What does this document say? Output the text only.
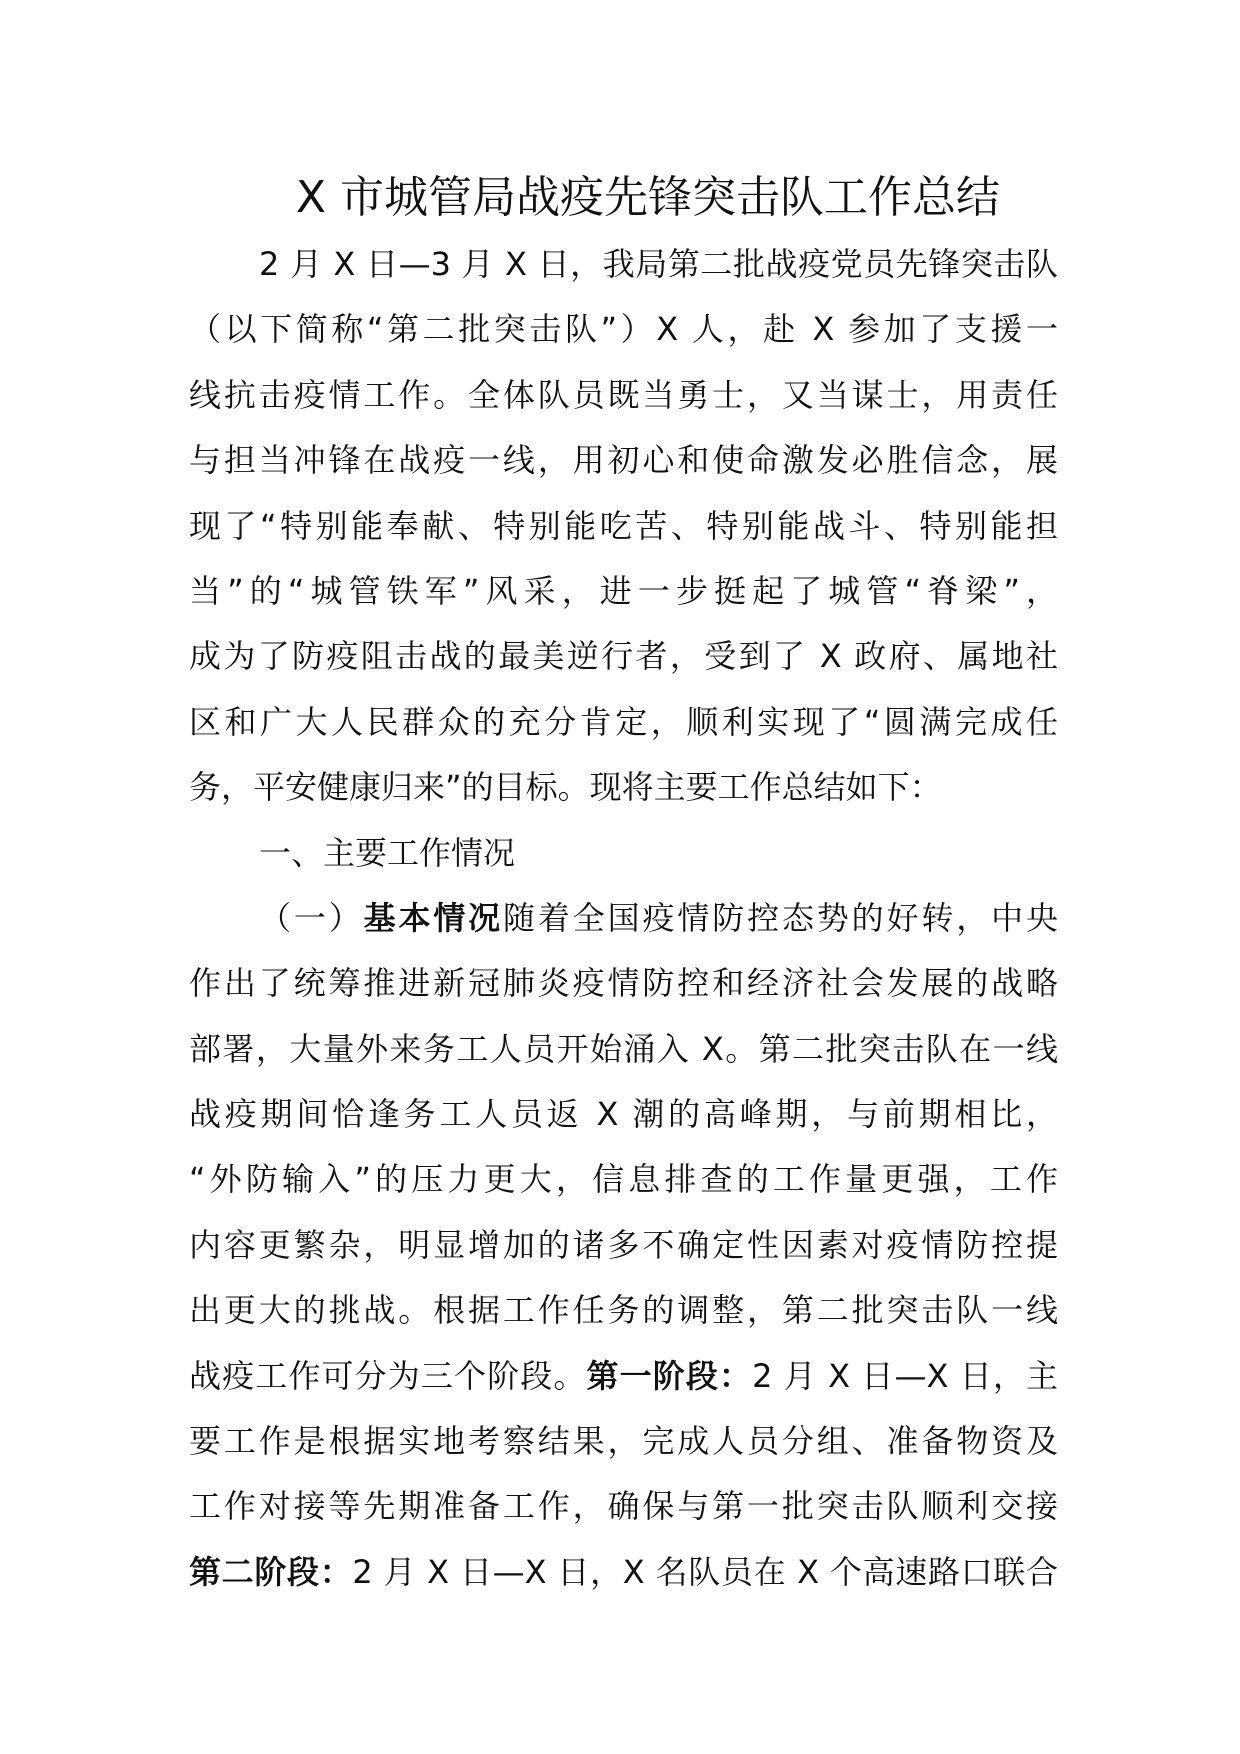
X 市城管局战疫先锋突击队工作总结
2 月 X 日—3 月 X 日，我局第二批战疫党员先锋突击队
（以下简称“第二批突击队”）X 人，赴 X 参加了支援一
线抗击疫情工作。全体队员既当勇士，又当谋士，用责任
与担当冲锋在战疫一线，用初心和使命激发必胜信念，展
现了“特别能奉献、特别能吃苦、特别能战斗、特别能担
当”的“城管铁军”风采，进一步挺起了城管“脊梁”，
成为了防疫阻击战的最美逆行者，受到了 X 政府、属地社
区和广大人民群众的充分肯定，顺利实现了“圆满完成任
务，平安健康归来”的目标。现将主要工作总结如下：
一、主要工作情况
（一）基本情况随着全国疫情防控态势的好转，中央
作出了统筹推进新冠肺炎疫情防控和经济社会发展的战略
部署，大量外来务工人员开始涌入 X。第二批突击队在一线
战疫期间恰逢务工人员返 X 潮的高峰期，与前期相比，
“外防输入”的压力更大，信息排查的工作量更强，工作
内容更繁杂，明显增加的诸多不确定性因素对疫情防控提
出更大的挑战。根据工作任务的调整，第二批突击队一线
战疫工作可分为三个阶段。第一阶段：2 月 X 日—X 日，主
要工作是根据实地考察结果，完成人员分组、准备物资及
工作对接等先期准备工作，确保与第一批突击队顺利交接
第二阶段：2 月 X 日—X 日，X 名队员在 X 个高速路口联合
